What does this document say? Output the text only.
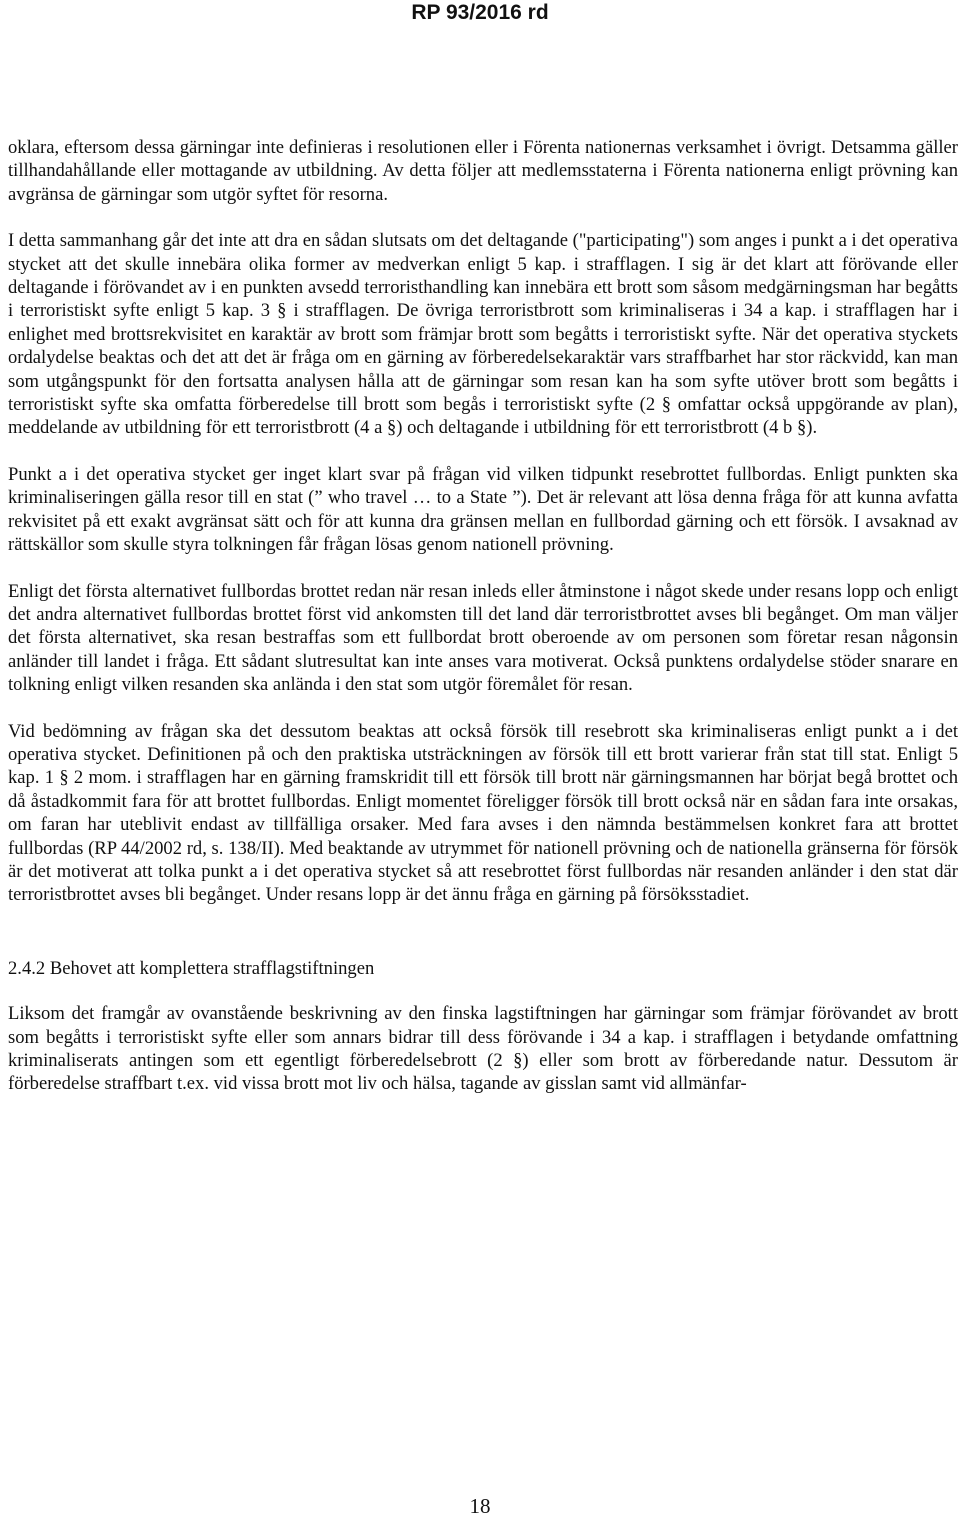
RP 93/2016 rd

oklara, eftersom dessa gärningar inte definieras i resolutionen eller i Förenta nationernas verksamhet i övrigt. Detsamma gäller tillhandahållande eller mottagande av utbildning. Av detta följer att medlemsstaterna i Förenta nationerna enligt prövning kan avgränsa de gärningar som utgör syftet för resorna.

I detta sammanhang går det inte att dra en sådan slutsats om det deltagande ("participating") som anges i punkt a i det operativa stycket att det skulle innebära olika former av medverkan enligt 5 kap. i strafflagen. I sig är det klart att förövande eller deltagande i förövandet av i en punkten avsedd terroristhandling kan innebära ett brott som såsom medgärningsman har begåtts i terroristiskt syfte enligt 5 kap. 3 § i strafflagen. De övriga terroristbrott som kriminaliseras i 34 a kap. i strafflagen har i enlighet med brottsrekvisitet en karaktär av brott som främjar brott som begåtts i terroristiskt syfte. När det operativa styckets ordalydelse beaktas och det att det är fråga om en gärning av förberedelsekaraktär vars straffbarhet har stor räckvidd, kan man som utgångspunkt för den fortsatta analysen hålla att de gärningar som resan kan ha som syfte utöver brott som begåtts i terroristiskt syfte ska omfatta förberedelse till brott som begås i terroristiskt syfte (2 § omfattar också uppgörande av plan), meddelande av utbildning för ett terroristbrott (4 a §) och deltagande i utbildning för ett terroristbrott (4 b §).

Punkt a i det operativa stycket ger inget klart svar på frågan vid vilken tidpunkt resebrottet fullbordas. Enligt punkten ska kriminaliseringen gälla resor till en stat (” who travel … to a State ”). Det är relevant att lösa denna fråga för att kunna avfatta rekvisitet på ett exakt avgränsat sätt och för att kunna dra gränsen mellan en fullbordad gärning och ett försök. I avsaknad av rättskällor som skulle styra tolkningen får frågan lösas genom nationell prövning.

Enligt det första alternativet fullbordas brottet redan när resan inleds eller åtminstone i något skede under resans lopp och enligt det andra alternativet fullbordas brottet först vid ankomsten till det land där terroristbrottet avses bli begånget. Om man väljer det första alternativet, ska resan bestraffas som ett fullbordat brott oberoende av om personen som företar resan någonsin anländer till landet i fråga. Ett sådant slutresultat kan inte anses vara motiverat. Också punktens ordalydelse stöder snarare en tolkning enligt vilken resanden ska anlända i den stat som utgör föremålet för resan.

Vid bedömning av frågan ska det dessutom beaktas att också försök till resebrott ska kriminaliseras enligt punkt a i det operativa stycket. Definitionen på och den praktiska utsträckningen av försök till ett brott varierar från stat till stat. Enligt 5 kap. 1 § 2 mom. i strafflagen har en gärning framskridit till ett försök till brott när gärningsmannen har börjat begå brottet och då åstadkommit fara för att brottet fullbordas. Enligt momentet föreligger försök till brott också när en sådan fara inte orsakas, om faran har uteblivit endast av tillfälliga orsaker. Med fara avses i den nämnda bestämmelsen konkret fara att brottet fullbordas (RP 44/2002 rd, s. 138/II). Med beaktande av utrymmet för nationell prövning och de nationella gränserna för försök är det motiverat att tolka punkt a i det operativa stycket så att resebrottet först fullbordas när resanden anländer i den stat där terroristbrottet avses bli begånget. Under resans lopp är det ännu fråga en gärning på försöksstadiet.

2.4.2 Behovet att komplettera strafflagstiftningen

Liksom det framgår av ovanstående beskrivning av den finska lagstiftningen har gärningar som främjar förövandet av brott som begåtts i terroristiskt syfte eller som annars bidrar till dess förövande i 34 a kap. i strafflagen i betydande omfattning kriminaliserats antingen som ett egentligt förberedelsebrott (2 §) eller som brott av förberedande natur. Dessutom är förberedelse straffbart t.ex. vid vissa brott mot liv och hälsa, tagande av gisslan samt vid allmänfar-

18
